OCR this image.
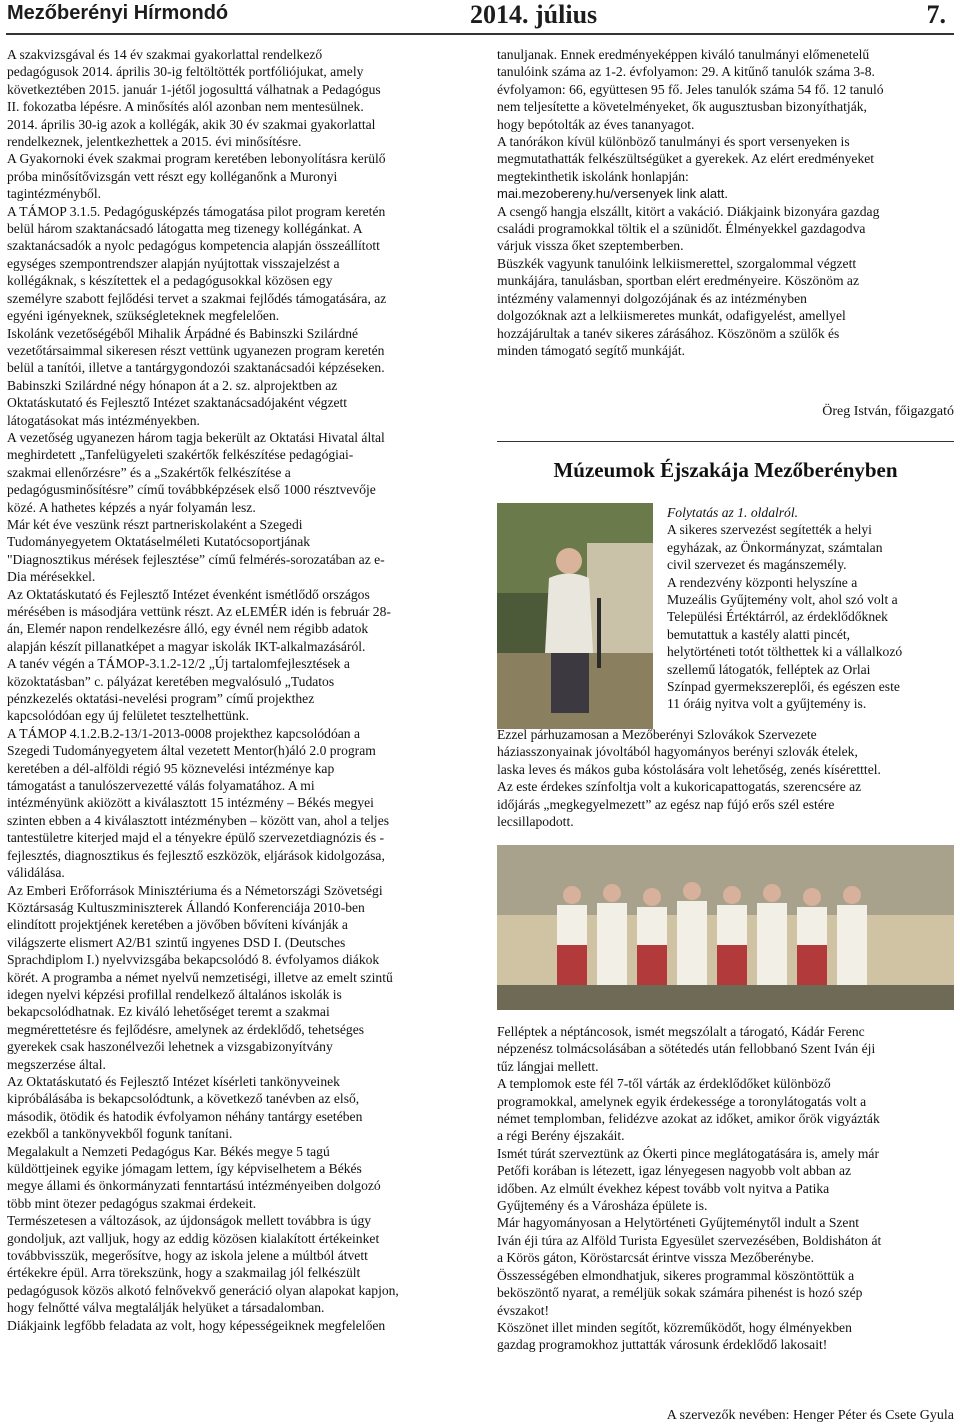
Mezőberényi Hírmondó	2014. július	7.

A szakvizsgával és 14 év szakmai gyakorlattal rendelkező
pedagógusok 2014. április 30-ig feltöltötték portfóliójukat, amely
következtében 2015. január 1-jétől jogosulttá válhatnak a Pedagógus
II. fokozatba lépésre. A minősítés alól azonban nem mentesülnek.
2014. április 30-ig azok a kollégák, akik 30 év szakmai gyakorlattal
rendelkeznek, jelentkezhettek a 2015. évi minősítésre.

A Gyakornoki évek szakmai program keretében lebonyolításra kerülő
próba minősítővizsgán vett részt egy kolléganőnk a Muronyi
tagintézményből.

A TÁMOP 3.1.5. Pedagógusképzés támogatása pilot program keretén
belül három szaktanácsadó látogatta meg tizenegy kollégánkat. A
szaktanácsadók a nyolc pedagógus kompetencia alapján összeállított
egységes szempontrendszer alapján nyújtottak visszajelzést a
kollégáknak, s készítettek el a pedagógusokkal közösen egy
személyre szabott fejlődési tervet a szakmai fejlődés támogatására, az
egyéni igényeknek, szükségleteknek megfelelően.

Iskolánk vezetőségéből Mihalik Árpádné és Babinszki Szilárdné
vezetőtársaimmal sikeresen részt vettünk ugyanezen program keretén
belül a tanítói, illetve a tantárgygondozói szaktanácsadói képzéseken.
Babinszki Szilárdné négy hónapon át a 2. sz. alprojektben az
Oktatáskutató és Fejlesztő Intézet szaktanácsadójaként végzett
látogatásokat más intézményekben.

A vezetőség ugyanezen három tagja bekerült az Oktatási Hivatal által
meghirdetett „Tanfelügyeleti szakértők felkészítése pedagógiai-
szakmai ellenőrzésre” és a „Szakértők felkészítése a
pedagógusminősítésre” című továbbképzések első 1000 résztvevője
közé. A hathetes képzés a nyár folyamán lesz.

Már két éve veszünk részt partneriskolaként a Szegedi
Tudományegyetem Oktatáselméleti Kutatócsoportjának
"Diagnosztikus mérések fejlesztése” című felmérés-sorozatában az e-
Dia mérésekkel.

Az Oktatáskutató és Fejlesztő Intézet évenként ismétlődő országos
mérésében is másodjára vettünk részt. Az eLEMÉR idén is február 28-
án, Elemér napon rendelkezésre álló, egy évnél nem régibb adatok
alapján készít pillanatképet a magyar iskolák IKT-alkalmazásáról.

A tanév végén a TÁMOP-3.1.2-12/2 „Új tartalomfejlesztések a
közoktatásban” c. pályázat keretében megvalósuló „Tudatos
pénzkezelés oktatási-nevelési program” című projekthez
kapcsolódóan egy új felületet tesztelhettünk.

A TÁMOP 4.1.2.B.2-13/1-2013-0008 projekthez kapcsolódóan a
Szegedi Tudományegyetem által vezetett Mentor(h)áló 2.0 program
keretében a dél-alföldi régió 95 köznevelési intézménye kap
támogatást a tanulószervezetté válás folyamatához. A mi
intézményünk akiözött a kiválasztott 15 intézmény – Békés megyei
szinten ebben a 4 kiválasztott intézményben – között van, ahol a teljes
tantestületre kiterjed majd el a tényekre épülő szervezetdiagnózis és -
fejlesztés, diagnosztikus és fejlesztő eszközök, eljárások kidolgozása,
válidálása.

Az Emberi Erőforrások Minisztériuma és a Németországi Szövetségi
Köztársaság Kultuszminiszterek Állandó Konferenciája 2010-ben
elindított projektjének keretében a jövőben bővíteni kívánják a
világszerte elismert A2/B1 szintű ingyenes DSD I. (Deutsches
Sprachdiplom I.) nyelvvizsgába bekapcsolódó 8. évfolyamos diákok
körét. A programba a német nyelvű nemzetiségi, illetve az emelt szintű
idegen nyelvi képzési profillal rendelkező általános iskolák is
bekapcsolódhatnak. Ez kiváló lehetőséget teremt a szakmai
megmérettetésre és fejlődésre, amelynek az érdeklődő, tehetséges
gyerekek csak haszonélvezői lehetnek a vizsgabizonyítvány
megszerzése által.

Az Oktatáskutató és Fejlesztő Intézet kísérleti tankönyveinek
kipróbálásába is bekapcsolódtunk, a következő tanévben az első,
második, ötödik és hatodik évfolyamon néhány tantárgy esetében
ezekből a tankönyvekből fogunk tanítani.

Megalakult a Nemzeti Pedagógus Kar. Békés megye 5 tagú
küldöttjeinek egyike jómagam lettem, így képviselhetem a Békés
megye állami és önkormányzati fenntartású intézményeiben dolgozó
több mint ötezer pedagógus szakmai érdekeit.

Természetesen a változások, az újdonságok mellett továbbra is úgy
gondoljuk, azt valljuk, hogy az eddig közösen kialakított értékeinket
továbbvisszük, megerősítve, hogy az iskola jelene a múltból átvett
értékekre épül. Arra törekszünk, hogy a szakmailag jól felkészült
pedagógusok közös alkotó felnővekvő generáció olyan alapokat kapjon,
hogy felnőtté válva megtalálják helyüket a társadalomban.

Diákjaink legfőbb feladata az volt, hogy képességeiknek megfelelően

tanuljanak. Ennek eredményeképpen kiváló tanulmányi előmenetelű
tanulóink száma az 1-2. évfolyamon: 29. A kitűnő tanulók száma 3-8.
évfolyamon: 66, együttesen 95 fő. Jeles tanulók száma 54 fő. 12 tanuló
nem teljesítette a követelményeket, ők augusztusban bizonyíthatják,
hogy bepótolták az éves tananyagot.

A tanórákon kívül különböző tanulmányi és sport versenyeken is
megmutathatták felkészültségüket a gyerekek. Az elért eredményeket
megtekinthetik iskolánk honlapján:

mai.mezobereny.hu/versenyek link alatt.

A csengő hangja elszállt, kitört a vakáció. Diákjaink bizonyára gazdag
családi programokkal töltik el a szünidőt. Élményekkel gazdagodva
várjuk vissza őket szeptemberben.

Büszkék vagyunk tanulóink lelkiismerettel, szorgalommal végzett
munkájára, tanulásban, sportban elért eredményeire. Köszönöm az
intézmény valamennyi dolgozójának és az intézményben
dolgozóknak azt a lelkiismeretes munkát, odafigyelést, amellyel
hozzájárultak a tanév sikeres zárásához. Köszönöm a szülők és
minden támogató segítő munkáját.

Öreg István, főigazgató
Múzeumok Éjszakája Mezőberényben

Folytatás az 1. oldalról.

A sikeres szervezést segítették a helyi
egyházak, az Önkormányzat, számtalan
civil szervezet és magánszemély.

A rendezvény központi helyszíne a
Muzeális Gyűjtemény volt, ahol szó volt a
Települési Értéktárról, az érdeklődőknek
bemutattuk a kastély alatti pincét,
helytörténeti totót tölthettek ki a vállalkozó
szellemű látogatók, felléptek az Orlai
Színpad gyermekszereplői, és egészen este
11 óráig nyitva volt a gyűjtemény is.

Ezzel párhuzamosan a Mezőberényi Szlovákok Szervezete
háziasszonyainak jóvoltából hagyományos berényi szlovák ételek,
laska leves és mákos guba kóstolására volt lehetőség, zenés kíséretttel.

Az este érdekes színfoltja volt a kukoricapattogatás, szerencsére az
időjárás „megkegyelmezett” az egész nap fújó erős szél estére
lecsillapodott.

Felléptek a néptáncosok, ismét megszólalt a tárogató, Kádár Ferenc
népzenész tolmácsolásában a sötétedés után fellobbanó Szent Iván éji
tűz lángjai mellett.

A templomok este fél 7-től várták az érdeklődőket különböző
programokkal, amelynek egyik érdekessége a toronylátogatás volt a
német templomban, felidézve azokat az időket, amikor őrök vigyázták
a régi Berény éjszakáit.

Ismét túrát szerveztünk az Ókerti pince meglátogatására is, amely már
Petőfi korában is létezett, igaz lényegesen nagyobb volt abban az
időben. Az elmúlt évekhez képest tovább volt nyitva a Patika
Gyűjtemény és a Városháza épülete is.

Már hagyományosan a Helytörténeti Gyűjteménytől indult a Szent
Iván éji túra az Alföld Turista Egyesület szervezésében, Boldisháton át
a Körös gáton, Köröstarcsát érintve vissza Mezőberénybe.

Összességében elmondhatjuk, sikeres programmal köszöntöttük a
beköszöntő nyarat, a reméljük sokak számára pihenést is hozó szép
évszakot!

Köszönet illet minden segítőt, közreműködőt, hogy élményekben
gazdag programokhoz juttatták városunk érdeklődő lakosait!

A szervezők nevében: Henger Péter és Csete Gyula
